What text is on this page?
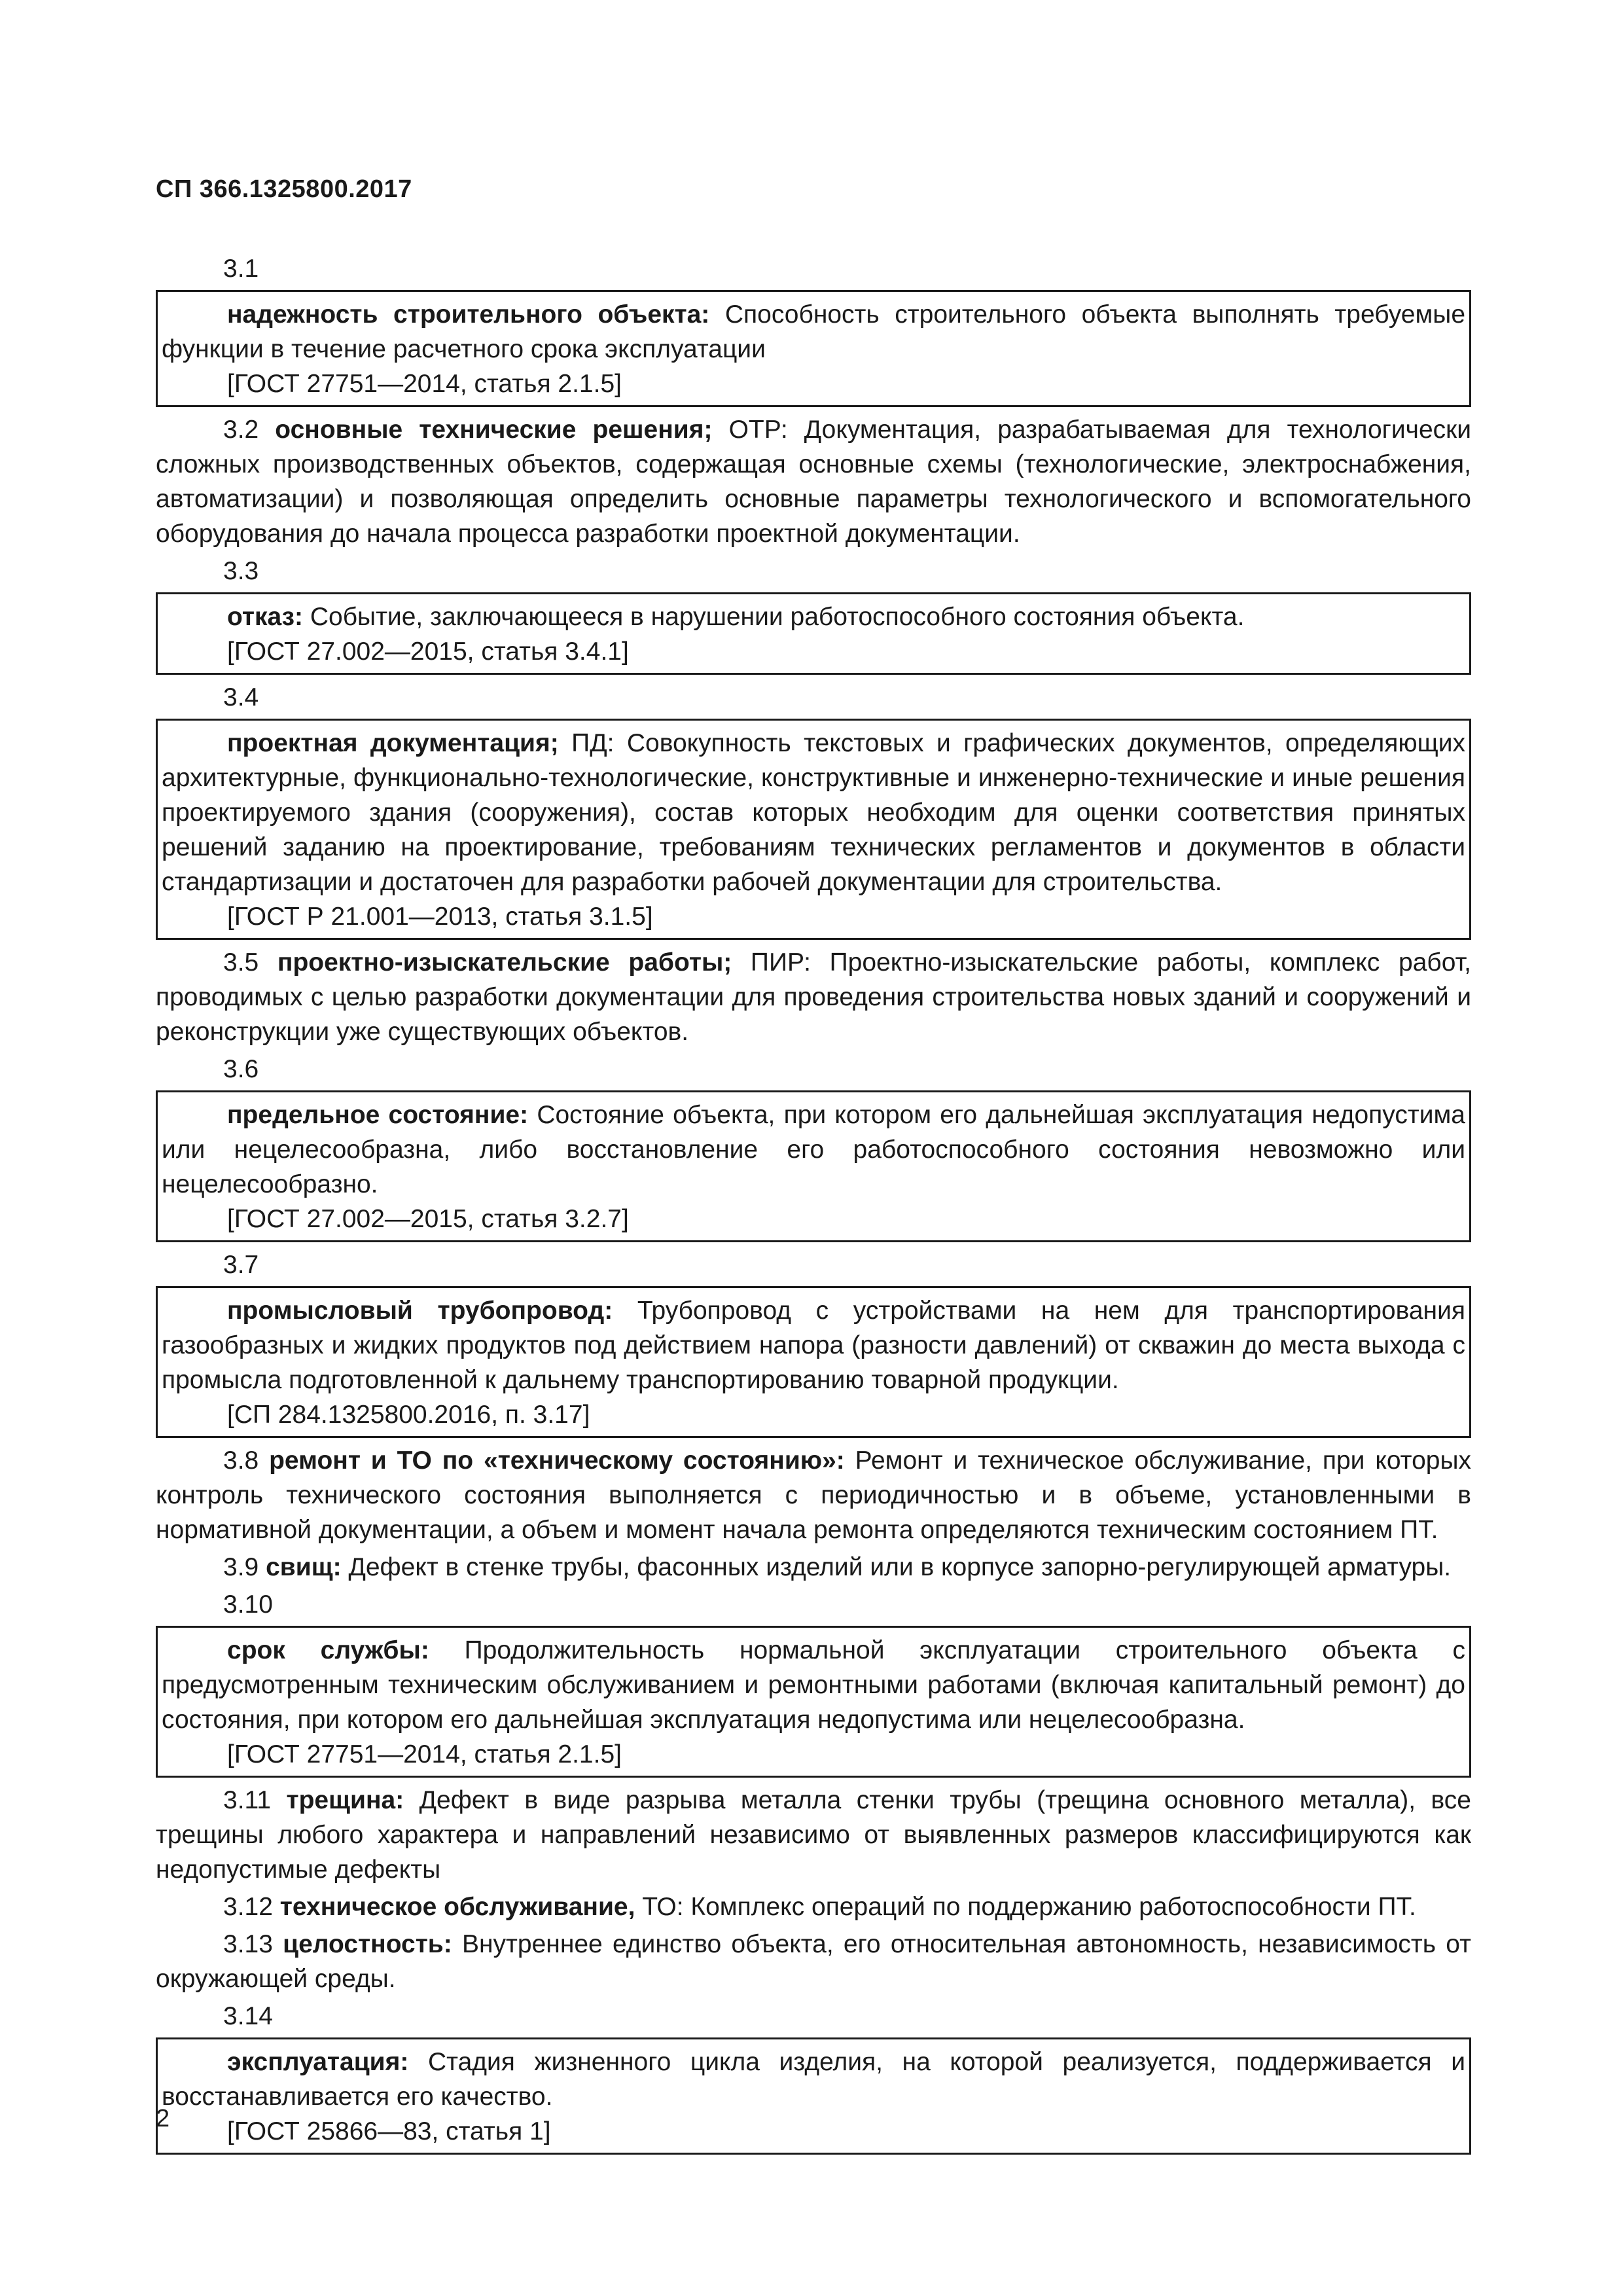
СП 366.1325800.2017
3.1

надежность строительного объекта: Способность строительного объекта выполнять требуемые функции в течение расчетного срока эксплуатации

[ГОСТ 27751—2014, статья 2.1.5]

3.2 основные технические решения; ОТР: Документация, разрабатываемая для технологически сложных производственных объектов, содержащая основные схемы (технологические, электроснабжения, автоматизации) и позволяющая определить основные параметры технологического и вспомогательного оборудования до начала процесса разработки проектной документации.

3.3

отказ: Событие, заключающееся в нарушении работоспособного состояния объекта.

[ГОСТ 27.002—2015, статья 3.4.1]
3.4

проектная документация; ПД: Совокупность текстовых и графических документов, определяющих архитектурные, функционально-технологические, конструктивные и инженерно-технические и иные решения проектируемого здания (сооружения), состав которых необходим для оценки соответствия принятых решений заданию на проектирование, требованиям технических регламентов и документов в области стандартизации и достаточен для разработки рабочей документации для строительства.

[ГОСТ Р 21.001—2013, статья 3.1.5]

3.5 проектно-изыскательские работы; ПИР: Проектно-изыскательские работы, комплекс работ, проводимых с целью разработки документации для проведения строительства новых зданий и сооружений и реконструкции уже существующих объектов.

3.6

предельное состояние: Состояние объекта, при котором его дальнейшая эксплуатация недопустима или нецелесообразна, либо восстановление его работоспособного состояния невозможно или нецелесообразно.

[ГОСТ 27.002—2015, статья 3.2.7]
3.7

промысловый трубопровод: Трубопровод с устройствами на нем для транспортирования газообразных и жидких продуктов под действием напора (разности давлений) от скважин до места выхода с промысла подготовленной к дальнему транспортированию товарной продукции.

[СП 284.1325800.2016, п. 3.17]

3.8 ремонт и ТО по «техническому состоянию»: Ремонт и техническое обслуживание, при которых контроль технического состояния выполняется с периодичностью и в объеме, установленными в нормативной документации, а объем и момент начала ремонта определяются техническим состоянием ПТ.

3.9 свищ: Дефект в стенке трубы, фасонных изделий или в корпусе запорно-регулирующей арматуры.

3.10

срок службы: Продолжительность нормальной эксплуатации строительного объекта с предусмотренным техническим обслуживанием и ремонтными работами (включая капитальный ремонт) до состояния, при котором его дальнейшая эксплуатация недопустима или нецелесообразна.

[ГОСТ 27751—2014, статья 2.1.5]

3.11 трещина: Дефект в виде разрыва металла стенки трубы (трещина основного металла), все трещины любого характера и направлений независимо от выявленных размеров классифицируются как недопустимые дефекты

3.12 техническое обслуживание, ТО: Комплекс операций по поддержанию работоспособности ПТ.

3.13 целостность: Внутреннее единство объекта, его относительная автономность, независимость от окружающей среды.

3.14

эксплуатация: Стадия жизненного цикла изделия, на которой реализуется, поддерживается и восстанавливается его качество.

[ГОСТ 25866—83, статья 1]
2
